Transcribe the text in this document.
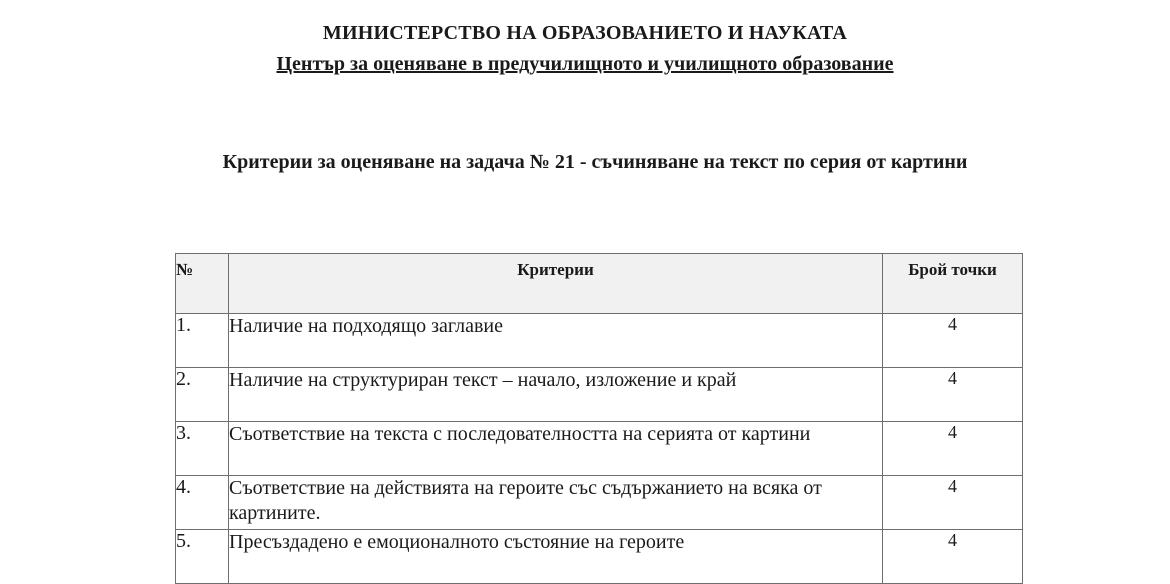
МИНИСТЕРСТВО НА ОБРАЗОВАНИЕТО И НАУКАТА
Център за оценяване в предучилищното и училищното образование
Критерии за оценяване на задача № 21 - съчиняване на текст по серия от картини
№	Критерии	Брой точки
1.	Наличие на подходящо заглавие	4
2.	Наличие на структуриран текст – начало, изложение и край	4
3.	Съответствие на текста с последователността на серията от картини	4
4.	Съответствие на действията на героите със съдържанието на всяка от картините.	4
5.	Пресъздадено е емоционалното състояние на героите	4
